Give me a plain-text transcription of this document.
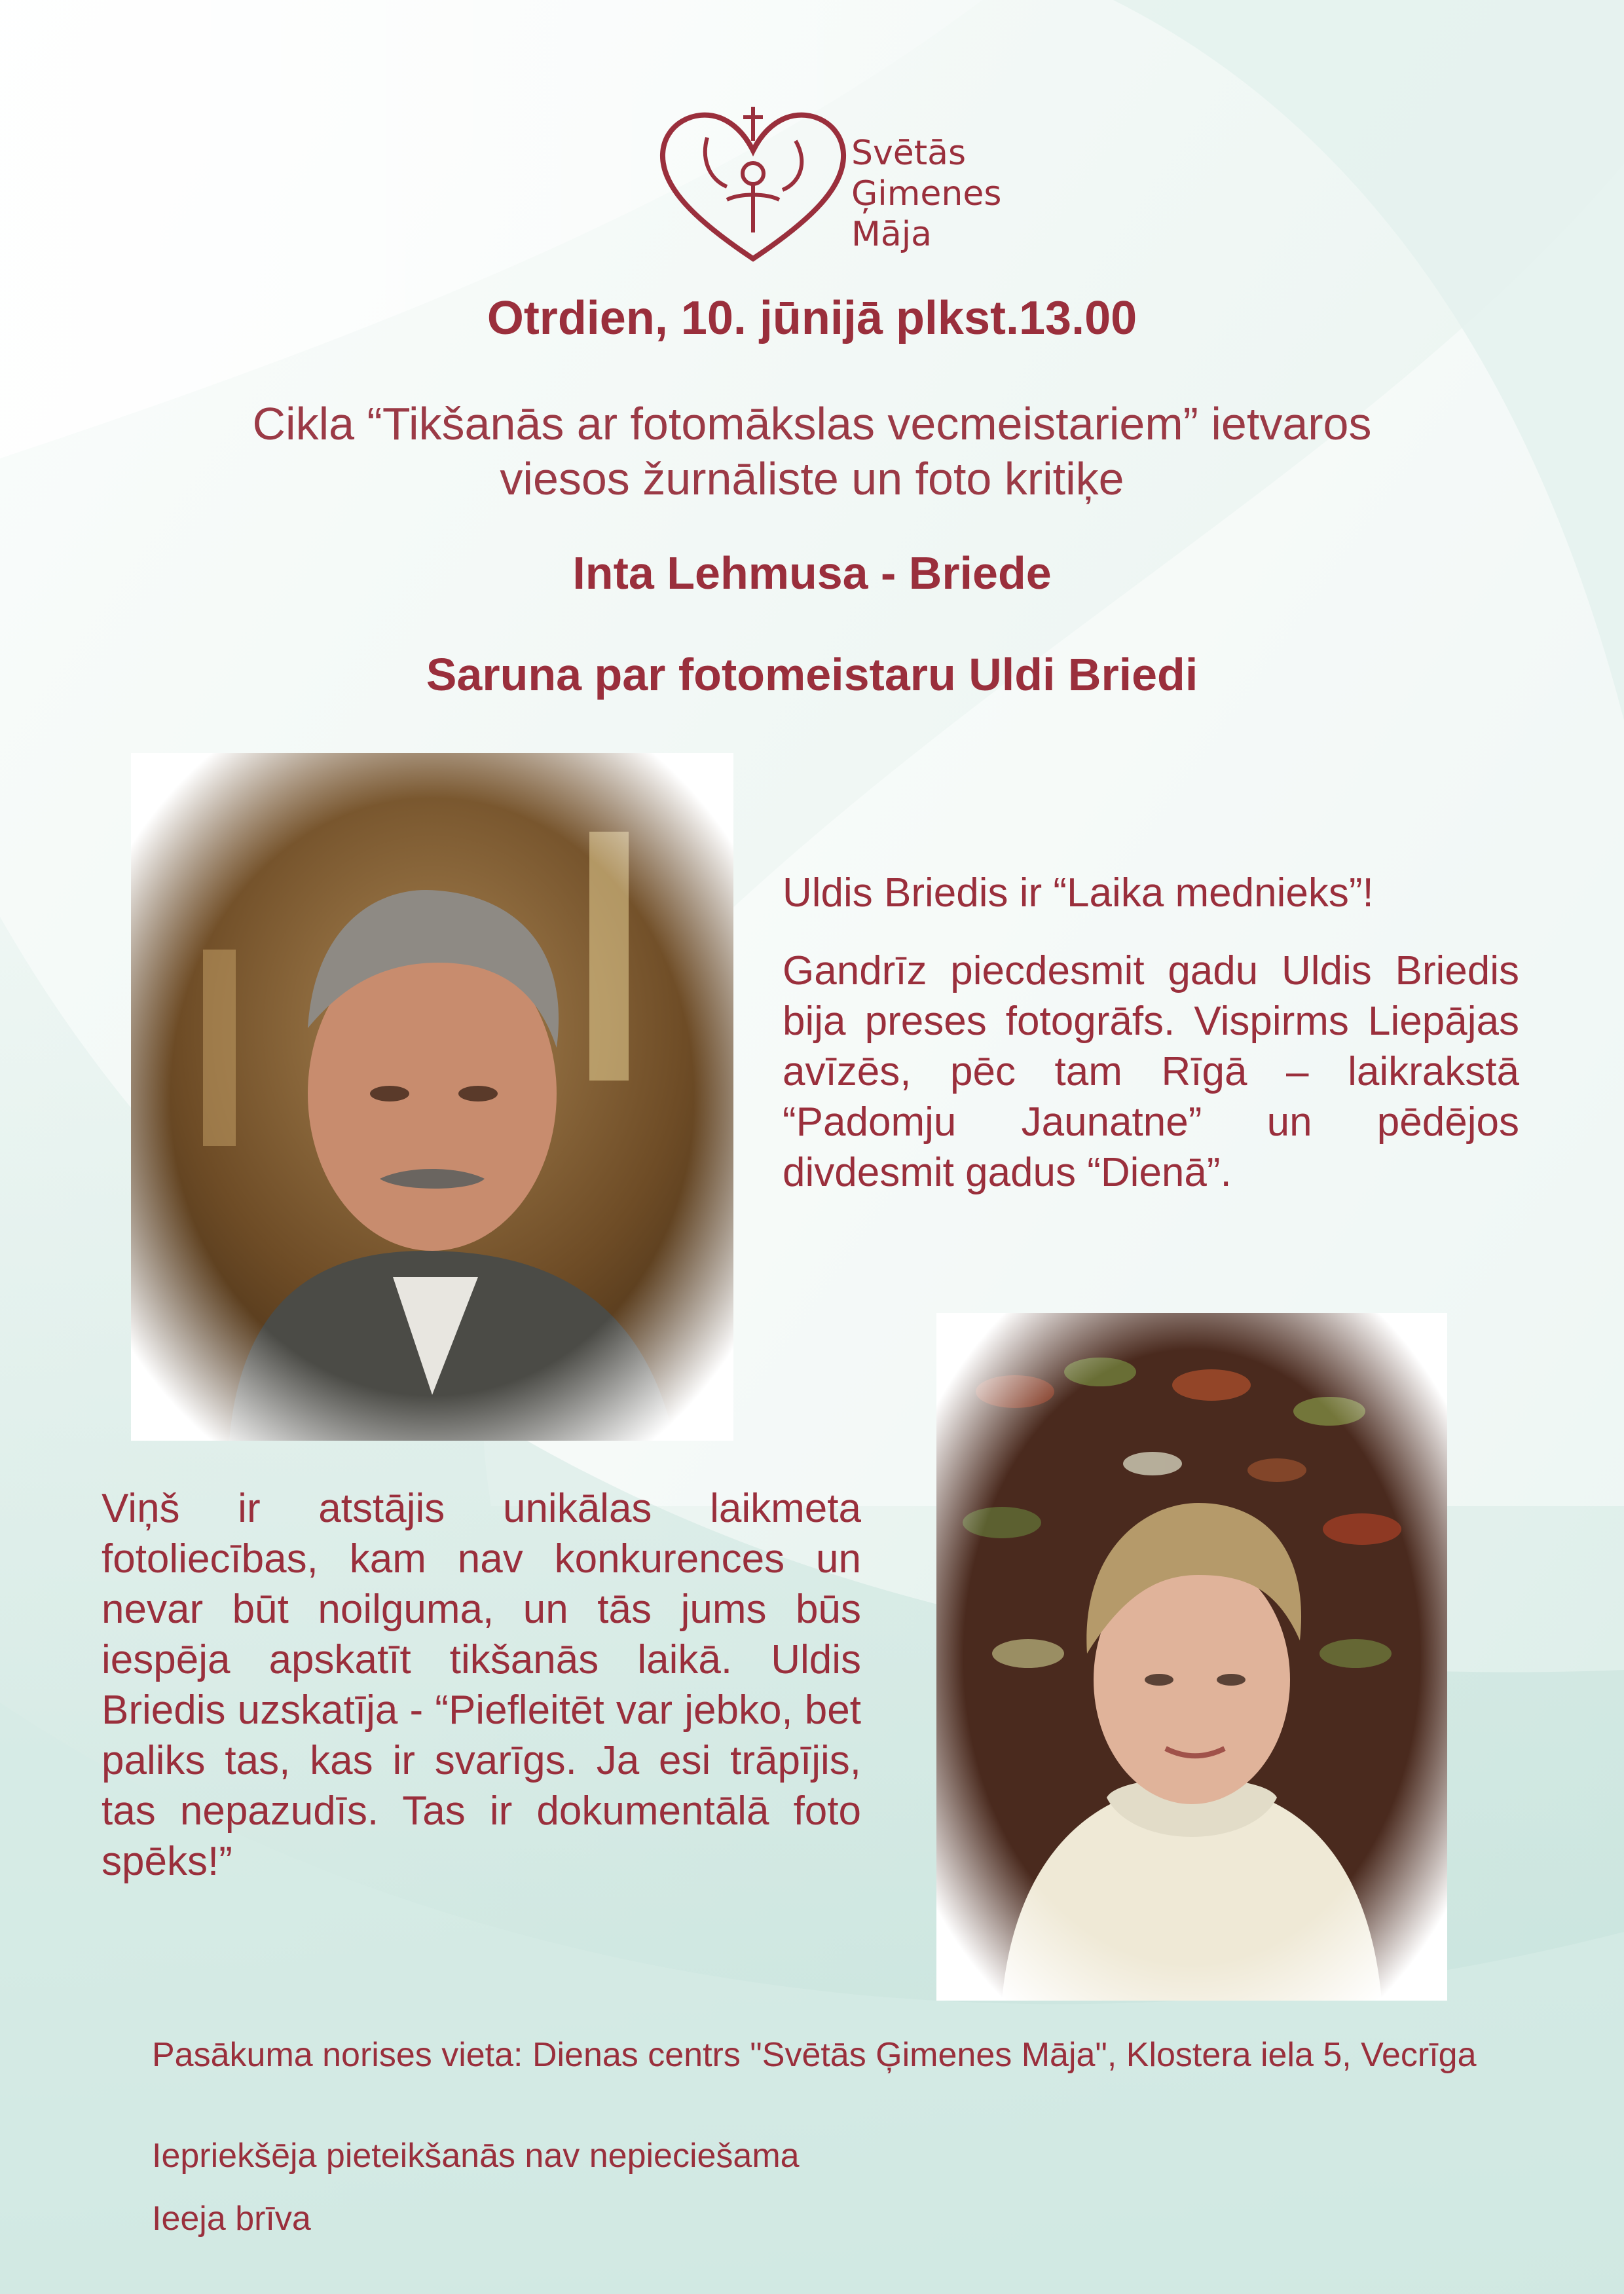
Svētās
Ģimenes
Māja
Otrdien, 10. jūnijā plkst.13.00
Cikla “Tikšanās ar fotomākslas vecmeistariem” ietvaros
viesos žurnāliste un foto kritiķe
Inta Lehmusa - Briede
Saruna par fotomeistaru Uldi Briedi
Uldis Briedis ir “Laika mednieks”!
Gandrīz piecdesmit gadu Uldis Briedis bija preses fotogrāfs. Vispirms Liepājas avīzēs, pēc tam Rīgā – laikrakstā “Padomju Jaunatne” un pēdējos divdesmit gadus “Dienā”.
Viņš ir atstājis unikālas laikmeta fotoliecības, kam nav konkurences un nevar būt noilguma, un tās jums būs iespēja apskatīt tikšanās laikā. Uldis Briedis uzskatīja - “Piefleitēt var jebko, bet paliks tas, kas ir svarīgs. Ja esi trāpījis, tas nepazudīs. Tas ir dokumentālā foto spēks!”
Pasākuma norises vieta: Dienas centrs "Svētās Ģimenes Māja", Klostera iela 5, Vecrīga
Iepriekšēja pieteikšanās nav nepieciešama
Ieeja brīva
